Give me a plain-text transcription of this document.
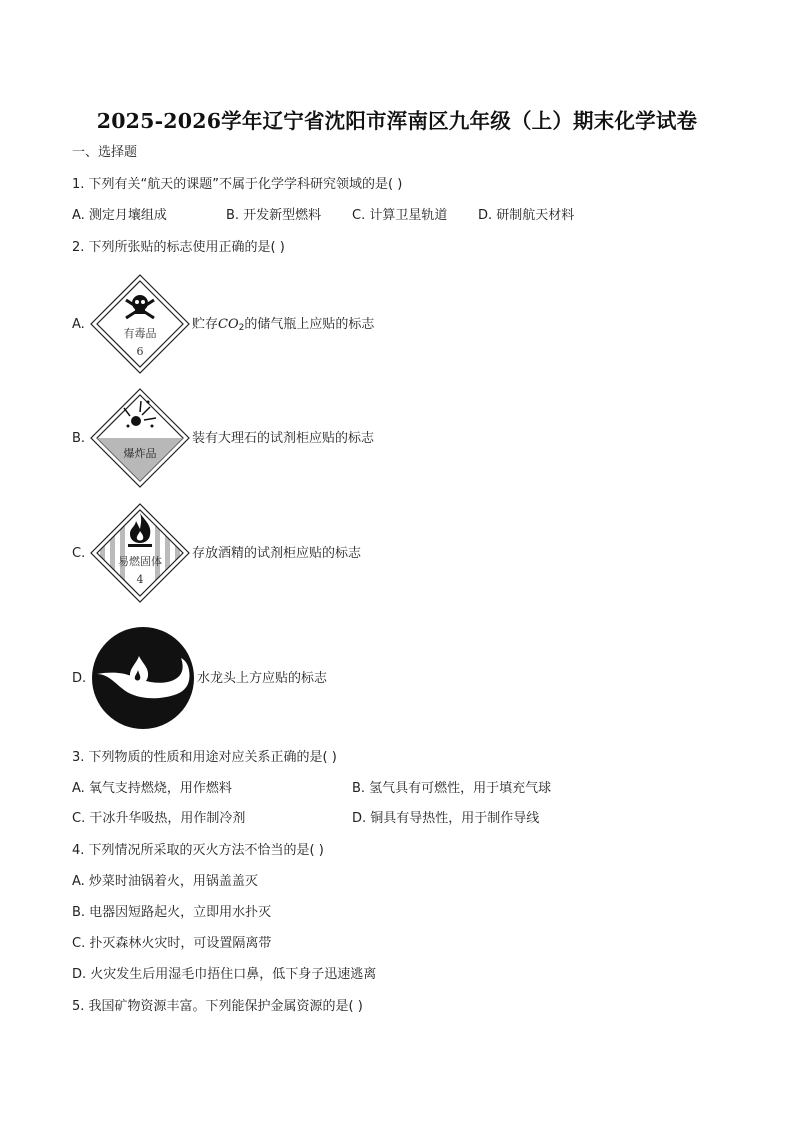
2025-2026学年辽宁省沈阳市浑南区九年级（上）期末化学试卷
一、选择题
1. 下列有关“航天的课题”不属于化学学科研究领域的是( )
A. 测定月壤组成	B. 开发新型燃料 C. 计算卫星轨道 D. 研制航天材料
2. 下列所张贴的标志使用正确的是( )
A.
有毒品
6
贮存$CO_2$的储气瓶上应贴的标志
B.
爆炸品
装有大理石的试剂柜应贴的标志
C.
易燃固体
4
存放酒精的试剂柜应贴的标志
D.	水龙头上方应贴的标志
3. 下列物质的性质和用途对应关系正确的是( )
A. 氧气支持燃烧，用作燃料	B. 氢气具有可燃性，用于填充气球
C. 干冰升华吸热，用作制冷剂	D. 铜具有导热性，用于制作导线
4. 下列情况所采取的灭火方法不恰当的是( )
A. 炒菜时油锅着火，用锅盖盖灭
B. 电器因短路起火，立即用水扑灭
C. 扑灭森林火灾时，可设置隔离带
D. 火灾发生后用湿毛巾捂住口鼻，低下身子迅速逃离
5. 我国矿物资源丰富。下列能保护金属资源的是( )
